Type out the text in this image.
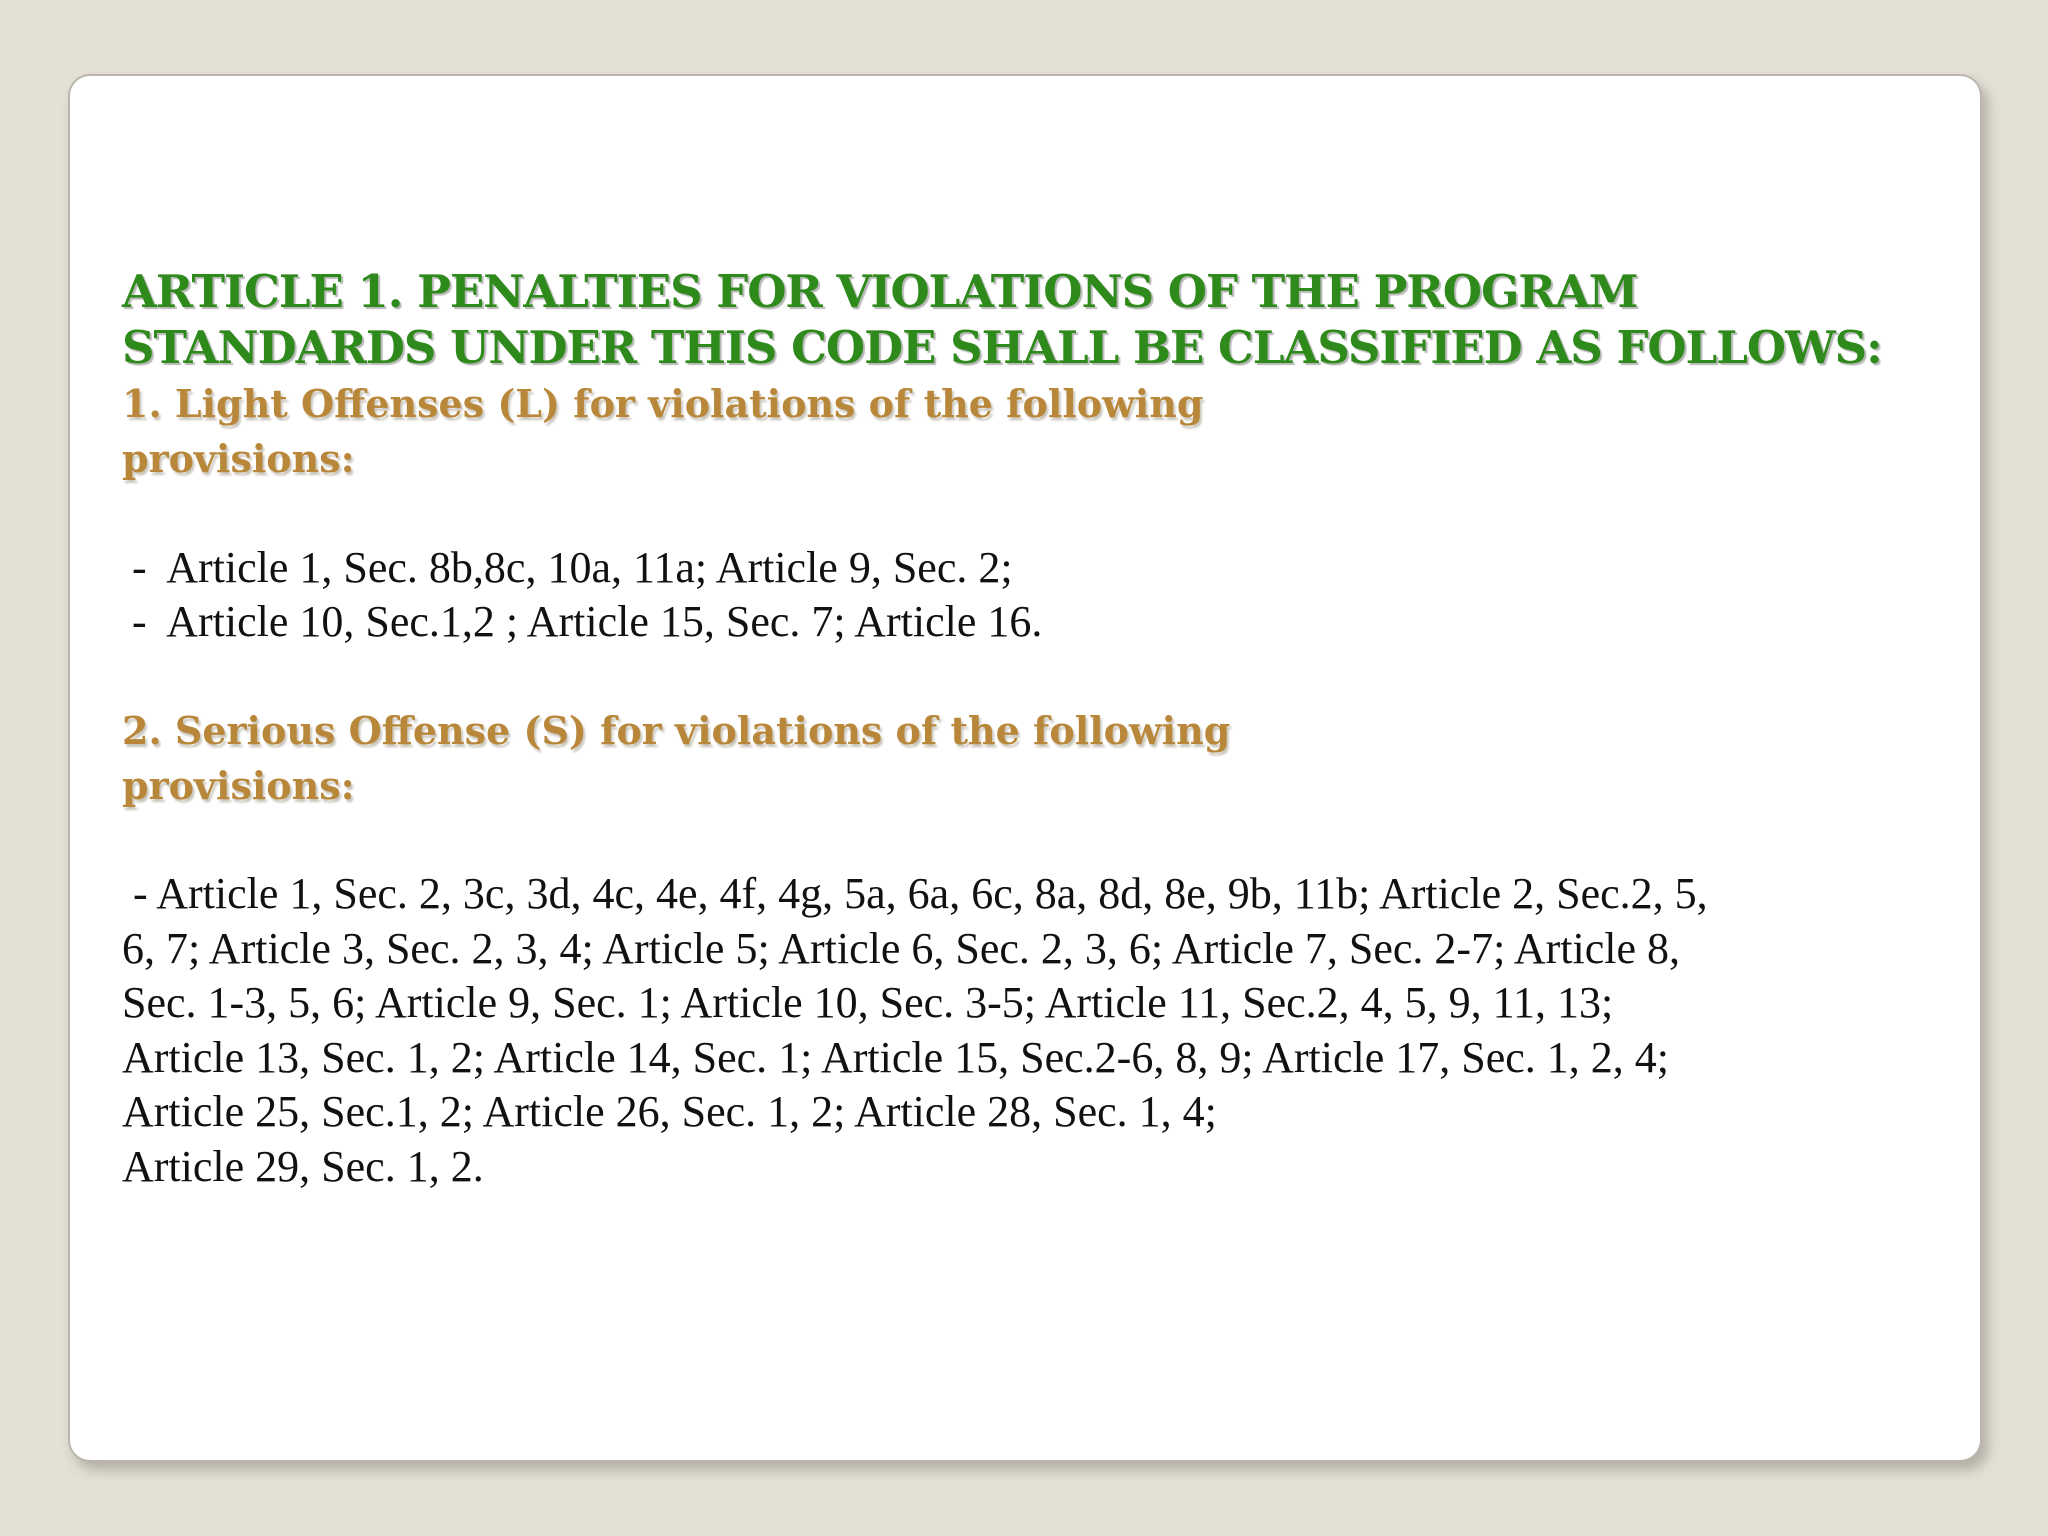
ARTICLE 1. PENALTIES FOR VIOLATIONS OF THE PROGRAM
STANDARDS UNDER THIS CODE SHALL BE CLASSIFIED AS FOLLOWS:
1. Light Offenses (L) for violations of the following
provisions:
-  Article 1, Sec. 8b,8c, 10a, 11a; Article 9, Sec. 2;
-  Article 10, Sec.1,2 ; Article 15, Sec. 7; Article 16.
2. Serious Offense (S) for violations of the following
provisions:
- Article 1, Sec. 2, 3c, 3d, 4c, 4e, 4f, 4g, 5a, 6a, 6c, 8a, 8d, 8e, 9b, 11b; Article 2, Sec.2, 5,
6, 7; Article 3, Sec. 2, 3, 4; Article 5; Article 6, Sec. 2, 3, 6; Article 7, Sec. 2-7; Article 8,
Sec. 1-3, 5, 6; Article 9, Sec. 1; Article 10, Sec. 3-5; Article 11, Sec.2, 4, 5, 9, 11, 13;
Article 13, Sec. 1, 2; Article 14, Sec. 1; Article 15, Sec.2-6, 8, 9; Article 17, Sec. 1, 2, 4;
Article 25, Sec.1, 2; Article 26, Sec. 1, 2; Article 28, Sec. 1, 4;
Article 29, Sec. 1, 2.
